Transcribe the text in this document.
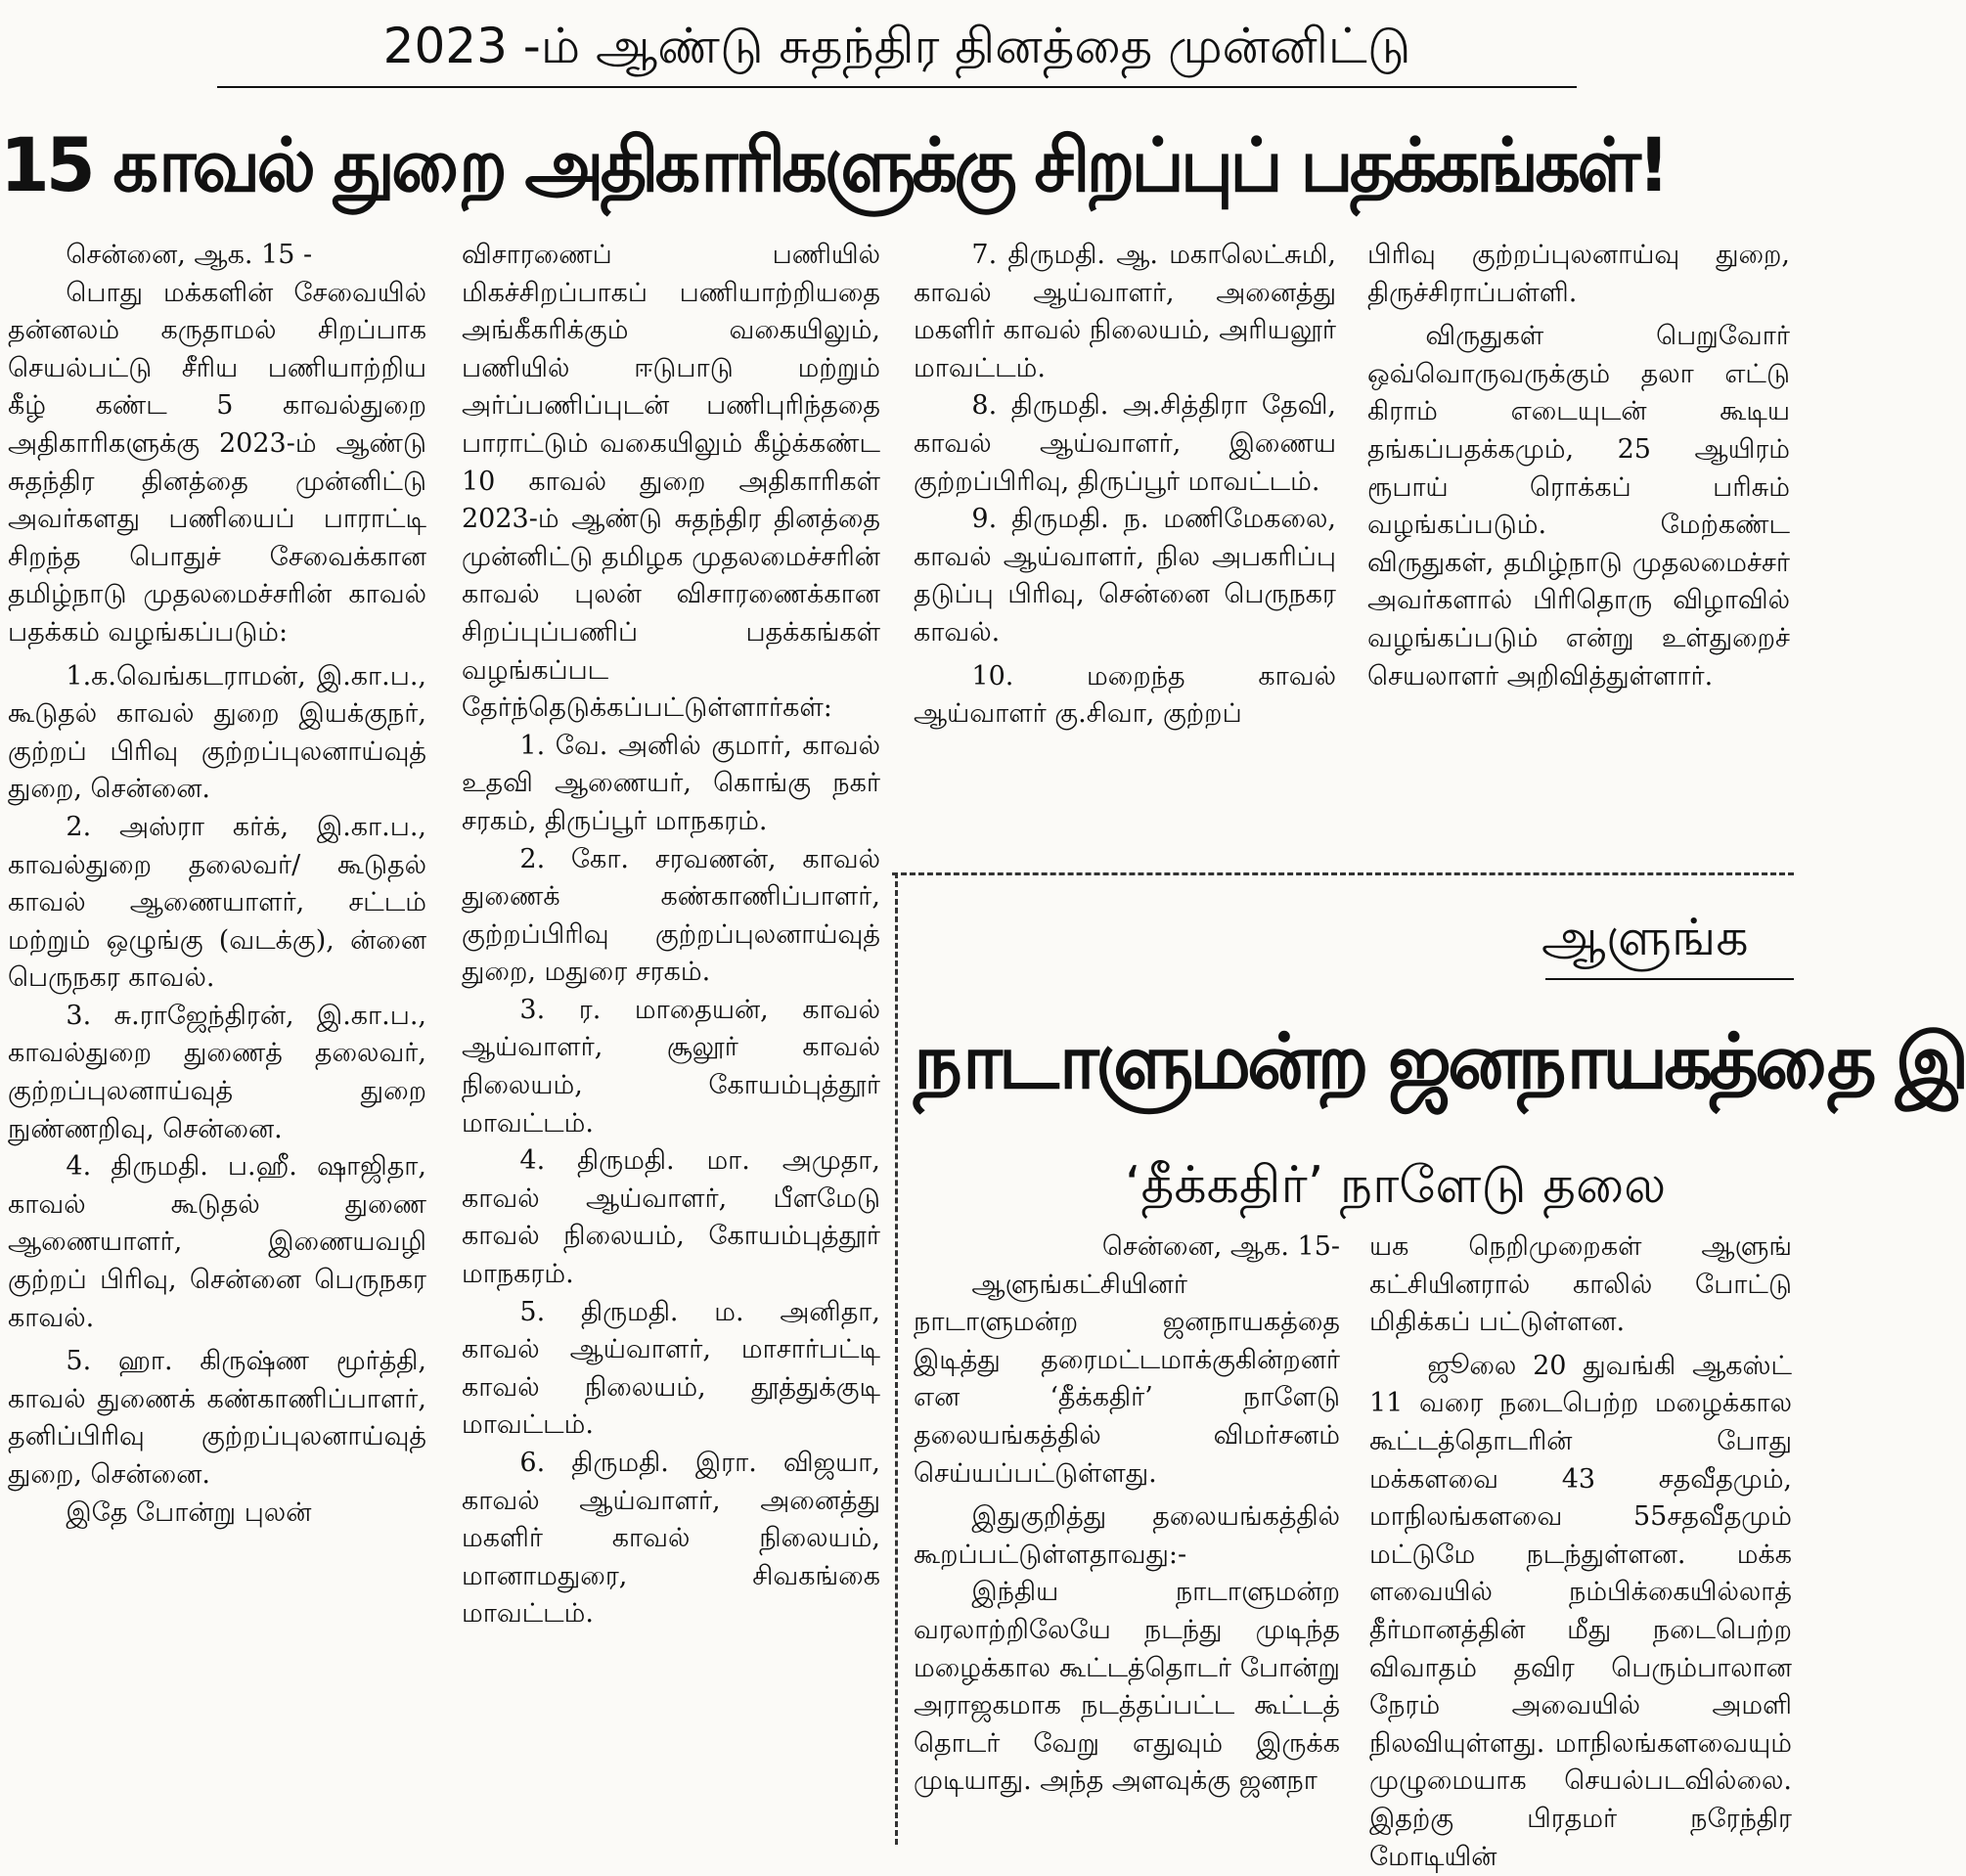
2023 -ம் ஆண்டு சுதந்திர தினத்தை முன்னிட்டு
15 காவல் துறை அதிகாரிகளுக்கு சிறப்புப் பதக்கங்கள்!

சென்னை, ஆக. 15 -

பொது மக்களின் சேவையில் தன்னலம் கருதாமல் சிறப்பாக செயல்பட்டு சீரிய பணியாற்றிய கீழ் கண்ட 5 காவல்துறை அதிகாரிகளுக்கு 2023-ம் ஆண்டு சுதந்திர தினத்தை முன்னிட்டு அவர்களது பணியைப் பாராட்டி சிறந்த பொதுச் சேவைக்கான தமிழ்நாடு முதலமைச்சரின் காவல் பதக்கம் வழங்கப்படும்:

1.க.வெங்கடராமன், இ.கா.ப., கூடுதல் காவல் துறை இயக்குநர், குற்றப் பிரிவு குற்றப்புலனாய்வுத் துறை, சென்னை.

2. அஸ்ரா கர்க், இ.கா.ப., காவல்துறை தலைவர்/ கூடுதல் காவல் ஆணையாளர், சட்டம் மற்றும் ஒழுங்கு (வடக்கு), ன்னை பெருநகர காவல்.

3. சு.ராஜேந்திரன், இ.கா.ப., காவல்துறை துணைத் தலைவர், குற்றப்புலனாய்வுத் துறை நுண்ணறிவு, சென்னை.

4. திருமதி. ப.ஹீ. ஷாஜிதா, காவல் கூடுதல் துணை ஆணையாளர், இணையவழி குற்றப் பிரிவு, சென்னை பெருநகர காவல்.

5. ஹா. கிருஷ்ண மூர்த்தி, காவல் துணைக் கண்காணிப்பாளர், தனிப்பிரிவு குற்றப்புலனாய்வுத் துறை, சென்னை.

இதே போன்று புலன்

விசாரணைப் பணியில் மிகச்சிறப்பாகப் பணியாற்றியதை அங்கீகரிக்கும் வகையிலும், பணியில் ஈடுபாடு மற்றும் அர்ப்பணிப்புடன் பணிபுரிந்ததை பாராட்டும் வகையிலும் கீழ்க்கண்ட 10 காவல் துறை அதிகாரிகள் 2023-ம் ஆண்டு சுதந்திர தினத்தை முன்னிட்டு தமிழக முதலமைச்சரின் காவல் புலன் விசாரணைக்கான சிறப்புப்பணிப் பதக்கங்கள் வழங்கப்பட தேர்ந்தெடுக்கப்பட்டுள்ளார்கள்:

1. வே. அனில் குமார், காவல் உதவி ஆணையர், கொங்கு நகர் சரகம், திருப்பூர் மாநகரம்.

2. கோ. சரவணன், காவல் துணைக் கண்காணிப்பாளர், குற்றப்பிரிவு குற்றப்புலனாய்வுத் துறை, மதுரை சரகம்.

3. ர. மாதையன், காவல் ஆய்வாளர், சூலூர் காவல் நிலையம், கோயம்புத்தூர் மாவட்டம்.

4. திருமதி. மா. அமுதா, காவல் ஆய்வாளர், பீளமேடு காவல் நிலையம், கோயம்புத்தூர் மாநகரம்.

5. திருமதி. ம. அனிதா, காவல் ஆய்வாளர், மாசார்பட்டி காவல் நிலையம், தூத்துக்குடி மாவட்டம்.

6. திருமதி. இரா. விஜயா, காவல் ஆய்வாளர், அனைத்து மகளிர் காவல் நிலையம், மானாமதுரை, சிவகங்கை மாவட்டம்.

7. திருமதி. ஆ. மகாலெட்சுமி, காவல் ஆய்வாளர், அனைத்து மகளிர் காவல் நிலையம், அரியலூர் மாவட்டம்.

8. திருமதி. அ.சித்திரா தேவி, காவல் ஆய்வாளர், இணைய குற்றப்பிரிவு, திருப்பூர் மாவட்டம்.

9. திருமதி. ந. மணிமேகலை, காவல் ஆய்வாளர், நில அபகரிப்பு தடுப்பு பிரிவு, சென்னை பெருநகர காவல்.

10. மறைந்த காவல் ஆய்வாளர் கு.சிவா, குற்றப்

பிரிவு குற்றப்புலனாய்வு துறை, திருச்சிராப்பள்ளி.

விருதுகள் பெறுவோர் ஒவ்வொருவருக்கும் தலா எட்டு கிராம் எடையுடன் கூடிய தங்கப்பதக்கமும், 25 ஆயிரம் ரூபாய் ரொக்கப் பரிசும் வழங்கப்படும். மேற்கண்ட விருதுகள், தமிழ்நாடு முதலமைச்சர் அவர்களால் பிரிதொரு விழாவில் வழங்கப்படும் என்று உள்துறைச் செயலாளர் அறிவித்துள்ளார்.

ஆளுங்க
நாடாளுமன்ற ஜனநாயகத்தை இ
‘தீக்கதிர்’ நாளேடு தலை

சென்னை, ஆக. 15-

ஆளுங்கட்சியினர் நாடாளுமன்ற ஜனநாயகத்தை இடித்து தரைமட்டமாக்குகின்றனர் என ‘தீக்கதிர்’ நாளேடு தலையங்கத்தில் விமர்சனம் செய்யப்பட்டுள்ளது.

இதுகுறித்து தலையங்கத்தில் கூறப்பட்டுள்ளதாவது:-

இந்திய நாடாளுமன்ற வரலாற்றிலேயே நடந்து முடிந்த மழைக்கால கூட்டத்தொடர் போன்று அராஜகமாக நடத்தப்பட்ட கூட்டத் தொடர் வேறு எதுவும் இருக்க முடியாது. அந்த அளவுக்கு ஜனநா

யக நெறிமுறைகள் ஆளுங் கட்சியினரால் காலில் போட்டு மிதிக்கப் பட்டுள்ளன.

ஜூலை 20 துவங்கி ஆகஸ்ட் 11 வரை நடைபெற்ற மழைக்கால கூட்டத்தொடரின் போது மக்களவை 43 சதவீதமும், மாநிலங்களவை 55சதவீதமும் மட்டுமே நடந்துள்ளன. மக்க ளவையில் நம்பிக்கையில்லாத் தீர்மானத்தின் மீது நடைபெற்ற விவாதம் தவிர பெரும்பாலான நேரம் அவையில் அமளி நிலவியுள்ளது. மாநிலங்களவையும் முழுமையாக செயல்படவில்லை. இதற்கு பிரதமர் நரேந்திர மோடியின்
